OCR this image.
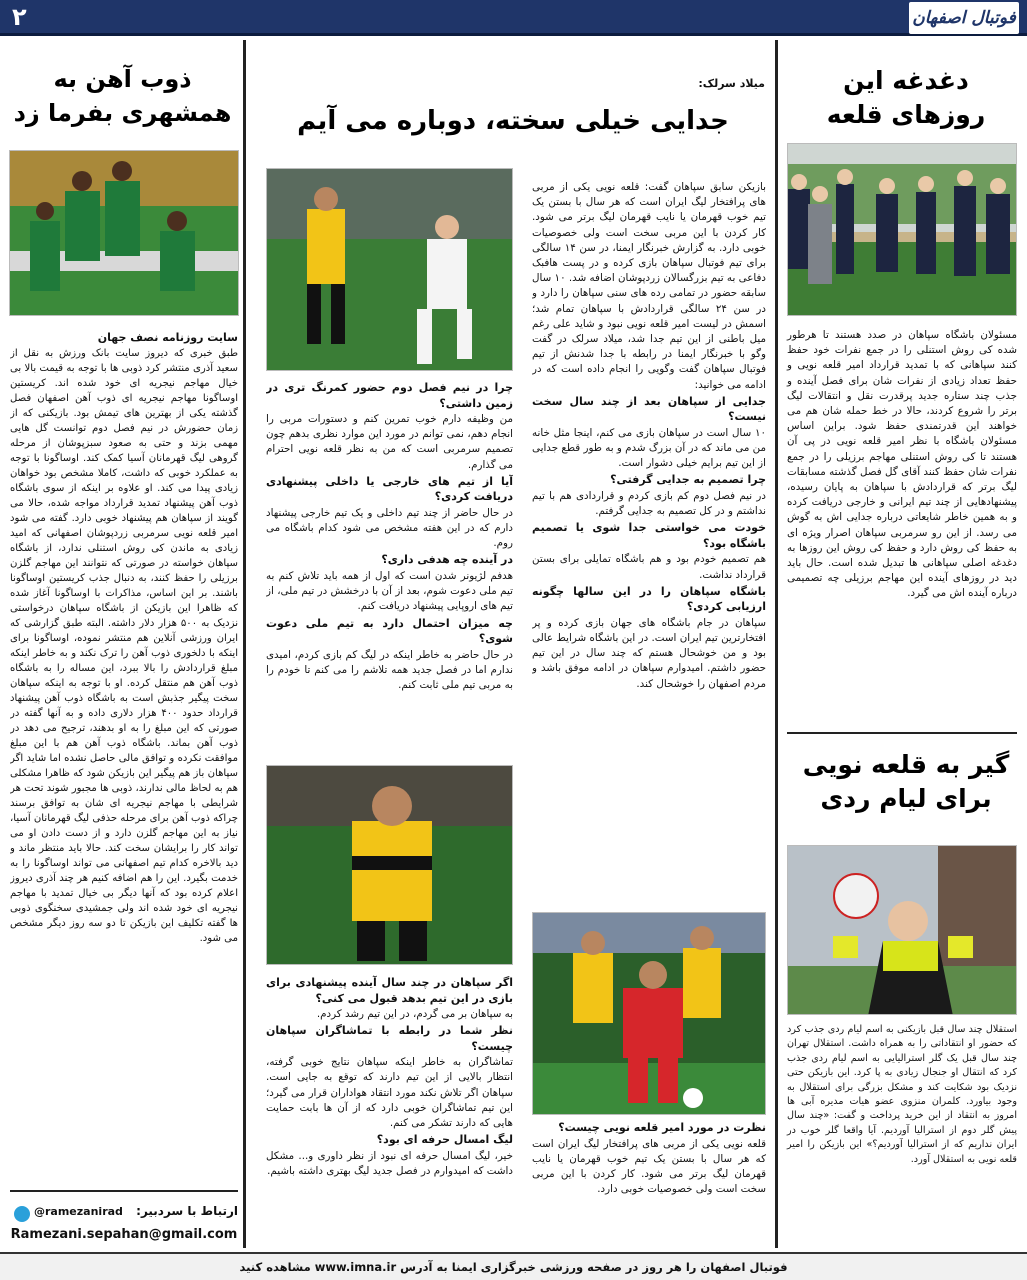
۲	فوتبال اصفهان
دغدغه این روزهای قلعه
مسئولان باشگاه سپاهان در صدد هستند تا هرطور شده کی روش استنلی را در جمع نفرات خود حفظ کنند سپاهانی که با تمدید قرارداد امیر قلعه نویی و حفظ تعداد زیادی از نفرات شان برای فصل آینده و جذب چند ستاره جدید پرقدرت نقل و انتقالات لیگ برتر را شروع کردند، حالا در خط حمله شان هم می خواهند این قدرتمندی حفظ شود. براین اساس مسئولان باشگاه با نظر امیر قلعه نویی در پی آن هستند تا کی روش استنلی مهاجم برزیلی را در جمع نفرات شان حفظ کنند آقای گل فصل گذشته مسابقات لیگ برتر که قراردادش با سپاهان به پایان رسیده، پیشنهادهایی از چند تیم ایرانی و خارجی دریافت کرده و به همین خاطر شایعاتی درباره جدایی اش به گوش می رسد. از این رو سرمربی سپاهان اصرار ویژه ای به حفظ کی روش دارد و حفظ کی روش این روزها به دغدغه اصلی سپاهانی ها تبدیل شده است. حال باید دید در روزهای آینده این مهاجم برزیلی چه تصمیمی درباره آینده اش می گیرد.
گیر به قلعه نویی برای لیام ردی
استقلال چند سال قبل بازیکنی به اسم لیام ردی جذب کرد که حضور او انتقاداتی را به همراه داشت. استقلال تهران چند سال قبل یک گلر استرالیایی به اسم لیام ردی جذب کرد که انتقال او جنجال زیادی به پا کرد. این بازیکن حتی نزدیک بود شکایت کند و مشکل بزرگی برای استقلال به وجود بیاورد. کلمران منزوی عضو هیات مدیره آبی ها امروز به انتقاد از این خرید پرداخت و گفت: «چند سال پیش گلر دوم از استرالیا آوردیم. آیا واقعا گلر خوب در ایران نداریم که از استرالیا آوردیم؟» این بازیکن را امیر قلعه نویی به استقلال آورد.
میلاد سرلک:
جدایی خیلی سخته، دوباره می آیم

بازیکن سابق سپاهان گفت: قلعه نویی یکی از مربی های پرافتخار لیگ ایران است که هر سال با بستن یک تیم خوب قهرمان یا نایب قهرمان لیگ برتر می شود. کار کردن با این مربی سخت است ولی خصوصیات خوبی دارد. به گزارش خبرنگار ایمنا، در سن ۱۴ سالگی برای تیم فوتبال سپاهان بازی کرده و در پست هافبک دفاعی به تیم بزرگسالان زردپوشان اضافه شد. ۱۰ سال سابقه حضور در تمامی رده های سنی سپاهان را دارد و در سن ۲۴ سالگی قراردادش با سپاهان تمام شد؛ اسمش در لیست امیر قلعه نویی نبود و شاید علی رغم میل باطنی از این تیم جدا شد، میلاد سرلک در گفت وگو با خبرنگار ایمنا در رابطه با جدا شدنش از تیم فوتبال سپاهان گفت وگویی را انجام داده است که در ادامه می خوانید:

جدایی از سپاهان بعد از چند سال سخت نیست؟

۱۰ سال است در سپاهان بازی می کنم، اینجا مثل خانه من می ماند که در آن بزرگ شدم و به طور قطع جدایی از این تیم برایم خیلی دشوار است.

چرا تصمیم به جدایی گرفتی؟

در نیم فصل دوم کم بازی کردم و قراردادی هم با تیم نداشتم و در کل تصمیم به جدایی گرفتم.

خودت می خواستی جدا شوی یا تصمیم باشگاه بود؟

هم تصمیم خودم بود و هم باشگاه تمایلی برای بستن قرارداد نداشت.

باشگاه سپاهان را در این سالها چگونه ارزیابی کردی؟

سپاهان در جام باشگاه های جهان بازی کرده و پر افتخارترین تیم ایران است. در این باشگاه شرایط عالی بود و من خوشحال هستم که چند سال در این تیم حضور داشتم. امیدوارم سپاهان در ادامه موفق باشد و مردم اصفهان را خوشحال کند.

نظرت در مورد امیر قلعه نویی چیست؟

قلعه نویی یکی از مربی های پرافتخار لیگ ایران است که هر سال با بستن یک تیم خوب قهرمان یا نایب قهرمان لیگ برتر می شود. کار کردن با این مربی سخت است ولی خصوصیات خوبی دارد.

چرا در نیم فصل دوم حضور کمرنگ تری در زمین داشتی؟

من وظیفه دارم خوب تمرین کنم و دستورات مربی را انجام دهم، نمی توانم در مورد این موارد نظری بدهم چون تصمیم سرمربی است که من به نظر قلعه نویی احترام می گذارم.

آیا از تیم های خارجی یا داخلی پیشنهادی دریافت کردی؟

در حال حاضر از چند تیم داخلی و یک تیم خارجی پیشنهاد دارم که در این هفته مشخص می شود کدام باشگاه می روم.

در آینده چه هدفی داری؟

هدفم لژیونر شدن است که اول از همه باید تلاش کنم به تیم ملی دعوت شوم، بعد از آن با درخشش در تیم ملی، از تیم های اروپایی پیشنهاد دریافت کنم.

چه میزان احتمال دارد به تیم ملی دعوت شوی؟

در حال حاضر به خاطر اینکه در لیگ کم بازی کردم، امیدی ندارم اما در فصل جدید همه تلاشم را می کنم تا خودم را به مربی تیم ملی ثابت کنم.

اگر سپاهان در چند سال آینده پیشنهادی برای بازی در این تیم بدهد قبول می کنی؟

به سپاهان بر می گردم، در این تیم رشد کردم.

نظر شما در رابطه با تماشاگران سپاهان چیست؟

تماشاگران به خاطر اینکه سپاهان نتایج خوبی گرفته، انتظار بالایی از این تیم دارند که توقع به جایی است. سپاهان اگر تلاش نکند مورد انتقاد هواداران قرار می گیرد؛ این تیم تماشاگران خوبی دارد که از آن ها بابت حمایت هایی که دارند تشکر می کنم.

لیگ امسال حرفه ای بود؟

خیر، لیگ امسال حرفه ای نبود از نظر داوری و... مشکل داشت که امیدوارم در فصل جدید لیگ بهتری داشته باشیم.

ذوب آهن به همشهری بفرما زد
سایت روزنامه نصف جهان
طبق خبری که دیروز سایت بانک ورزش به نقل از سعید آذری منتشر کرد ذوبی ها با توجه به قیمت بالا بی خیال مهاجم نیجریه ای خود شده اند. کریستین اوساگونا مهاجم نیجریه ای ذوب آهن اصفهان فصل گذشته یکی از بهترین های تیمش بود. بازیکنی که از زمان حضورش در نیم فصل دوم توانست گل هایی مهمی بزند و حتی به صعود سبزپوشان از مرحله گروهی لیگ قهرمانان آسیا کمک کند. اوساگونا با توجه به عملکرد خوبی که داشت، کاملا مشخص بود خواهان زیادی پیدا می کند. او علاوه بر اینکه از سوی باشگاه ذوب آهن پیشنهاد تمدید قرارداد مواجه شده، حالا می گویند از سپاهان هم پیشنهاد خوبی دارد. گفته می شود امیر قلعه نویی سرمربی زردپوشان اصفهانی که امید زیادی به ماندن کی روش استنلی ندارد، از باشگاه سپاهان خواسته در صورتی که نتوانند این مهاجم گلزن برزیلی را حفظ کنند، به دنبال جذب کریستین اوساگونا باشند. بر این اساس، مذاکرات با اوساگونا آغاز شده که ظاهرا این بازیکن از باشگاه سپاهان درخواستی نزدیک به ۵۰۰ هزار دلار داشته. البته طبق گزارشی که ایران ورزشی آنلاین هم منتشر نموده، اوساگونا برای اینکه با دلخوری ذوب آهن را ترک نکند و به خاطر اینکه مبلغ قراردادش را بالا ببرد، این مساله را به باشگاه ذوب آهن هم منتقل کرده. او با توجه به اینکه سپاهان سخت پیگیر جذبش است به باشگاه ذوب آهن پیشنهاد قرارداد حدود ۴۰۰ هزار دلاری داده و به آنها گفته در صورتی که این مبلغ را به او بدهند، ترجیح می دهد در ذوب آهن بماند. باشگاه ذوب آهن هم با این مبلغ موافقت نکرده و توافق مالی حاصل نشده اما شاید اگر سپاهان باز هم پیگیر این بازیکن شود که ظاهرا مشکلی هم به لحاظ مالی ندارند، ذوبی ها مجبور شوند تحت هر شرایطی با مهاجم نیجریه ای شان به توافق برسند چراکه ذوب آهن برای مرحله حذفی لیگ قهرمانان آسیا، نیاز به این مهاجم گلزن دارد و از دست دادن او می تواند کار را برایشان سخت کند. حالا باید منتظر ماند و دید بالاخره کدام تیم اصفهانی می تواند اوساگونا را به خدمت بگیرد. این را هم اضافه کنیم هر چند آذری دیروز اعلام کرده بود که آنها دیگر بی خیال تمدید با مهاجم نیجریه ای خود شده اند ولی جمشیدی سخنگوی ذوبی ها گفته تکلیف این بازیکن تا دو سه روز دیگر مشخص می شود.
ارتباط با سردبیر:
@ramezanirad
Ramezani.sepahan@gmail.com
فوتبال اصفهان را هر روز در صفحه ورزشی خبرگزاری ایمنا به آدرس www.imna.ir مشاهده کنید
